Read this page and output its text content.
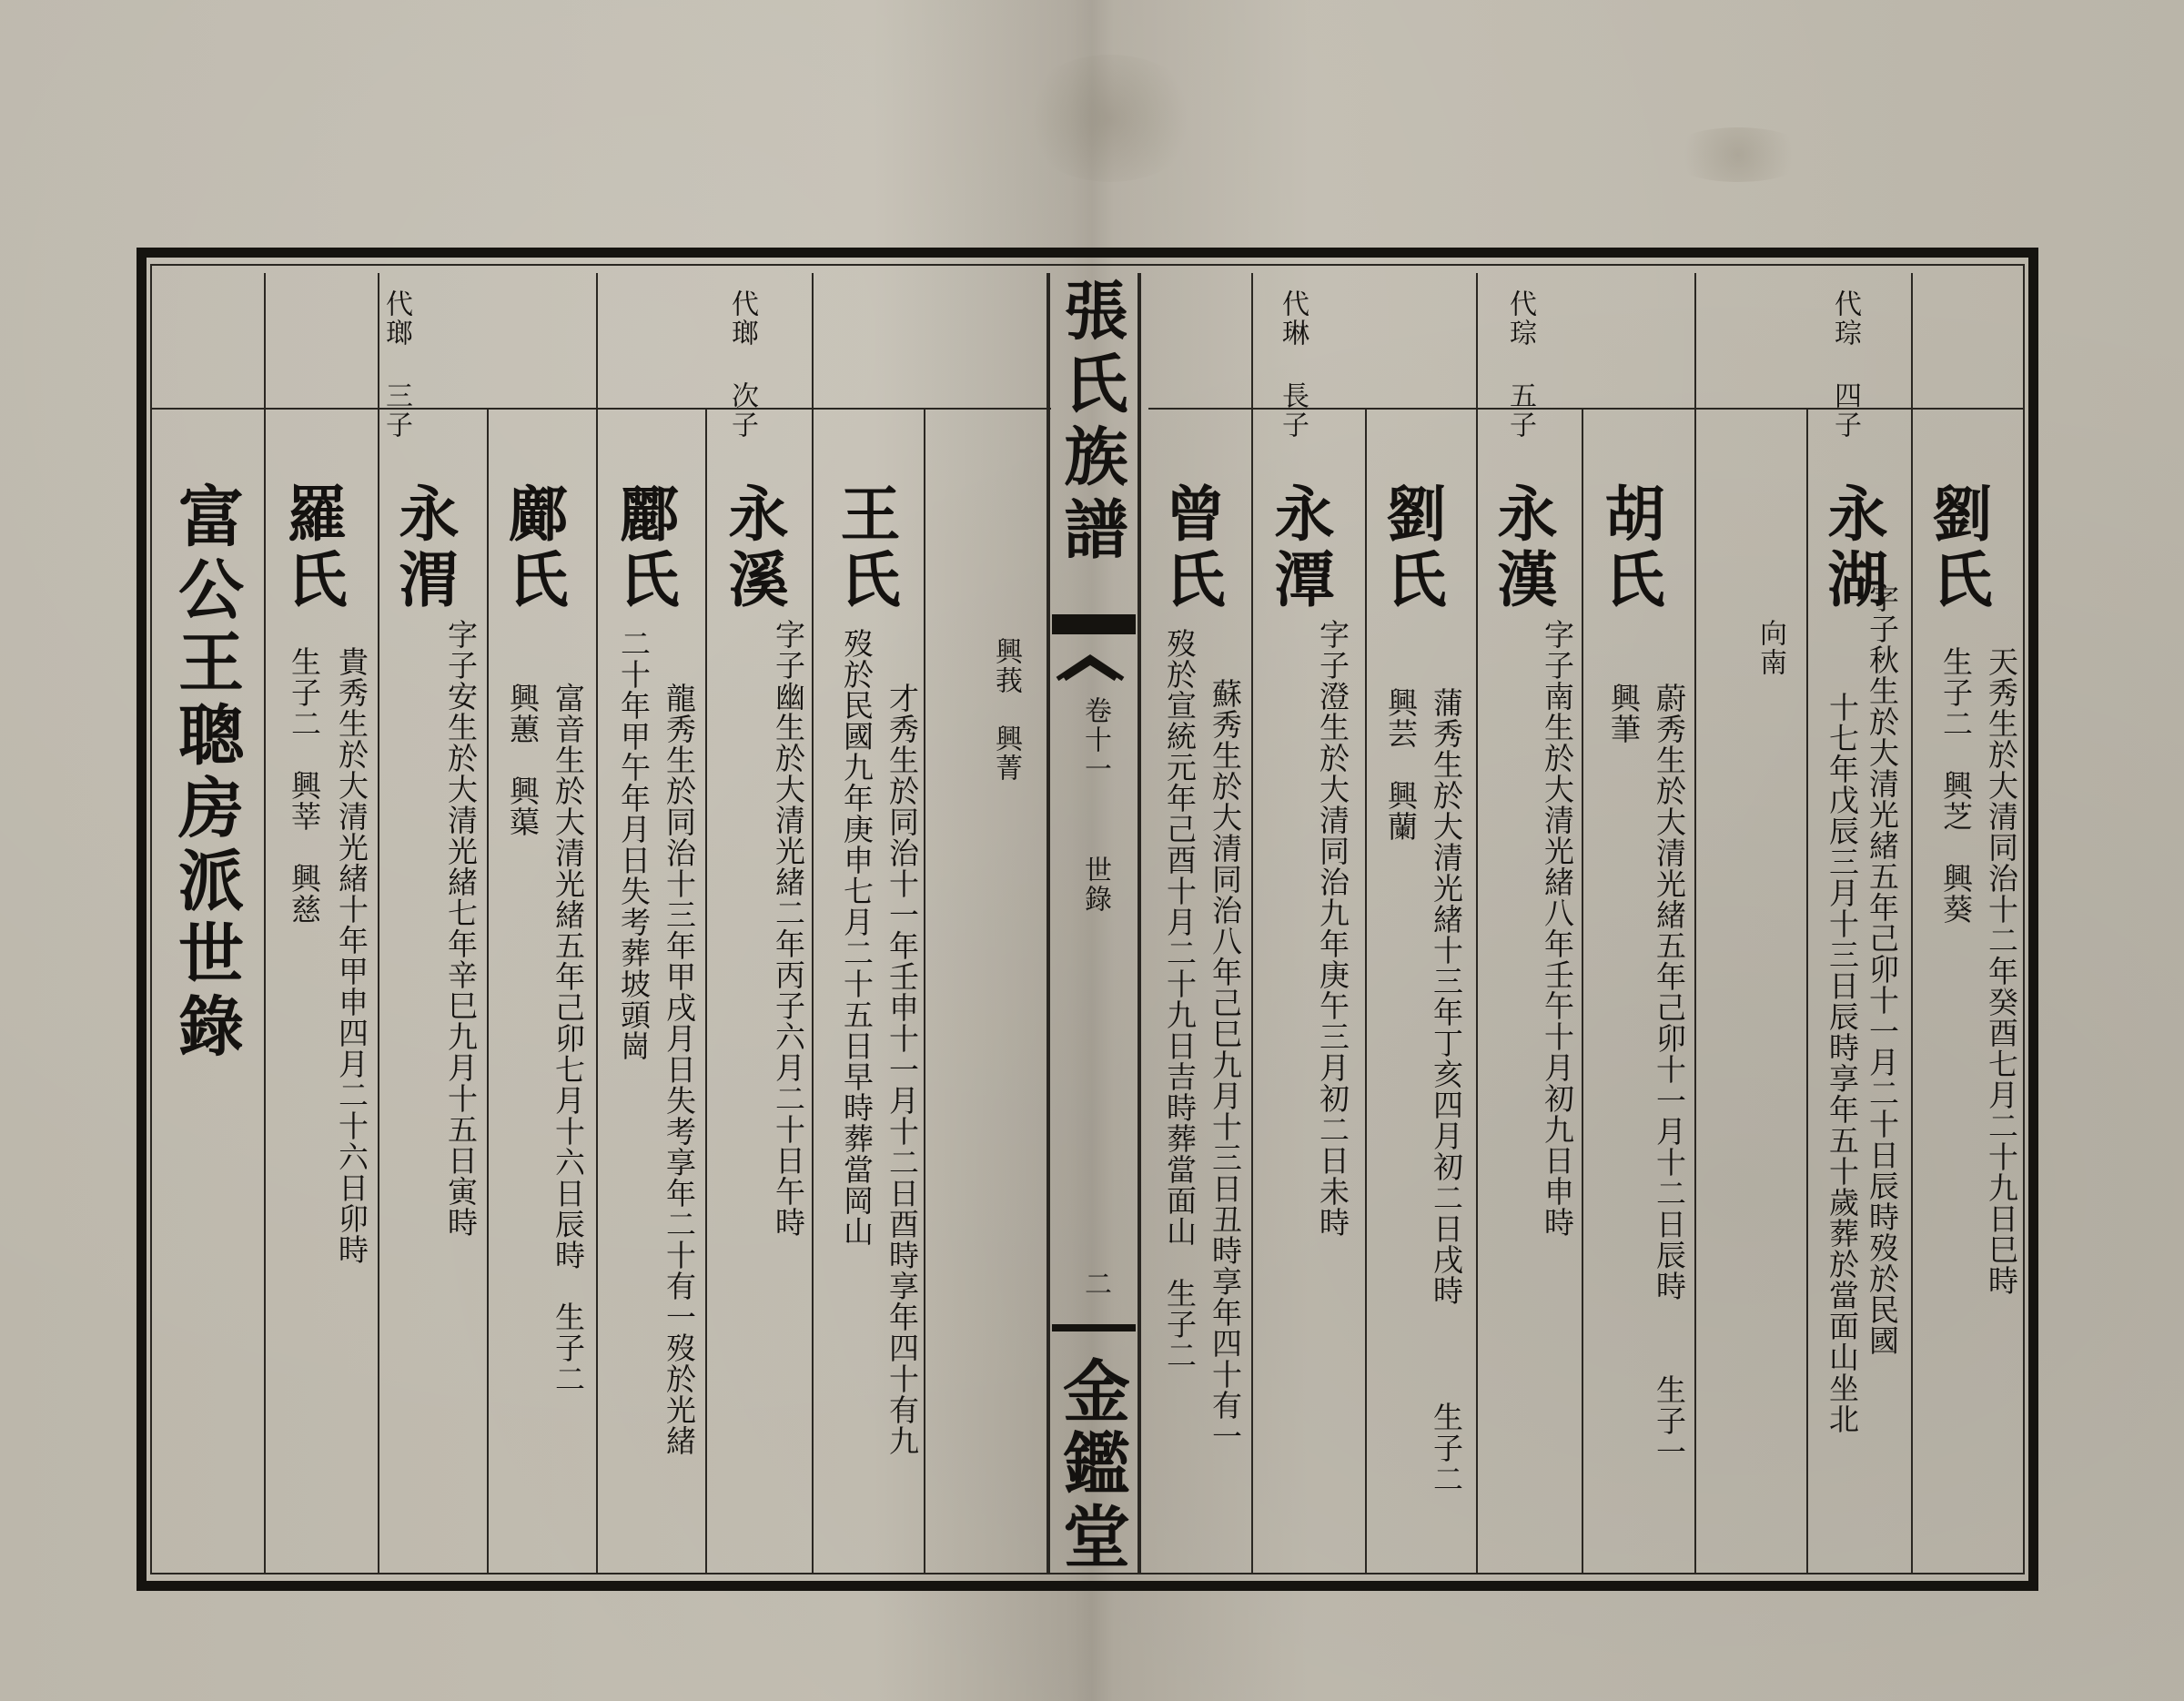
代琮 四子
代琮 五子
代琳 長子
代瑯 次子
代瑯 三子	張氏族譜
卷十一
世錄
二
金鑑堂
劉氏
天秀生於大清同治十二年癸酉七月二十九日巳時
生子二　興芝　興葵
永湖
字子秋生於大清光緒五年己卯十一月二十日辰時歿於民國
十七年戊辰三月十三日辰時享年五十歲葬於當面山坐北
向南
胡氏
蔚秀生於大清光緒五年己卯十一月十二日辰時
興茟
生子一
永漢
字子南生於大清光緒八年壬午十月初九日申時
劉氏
蒲秀生於大清光緒十三年丁亥四月初二日戌時
興芸　興蘭
生子二
永潭
字子澄生於大清同治九年庚午三月初二日未時
曾氏
蘇秀生於大清同治八年己巳九月十三日丑時享年四十有一
歿於宣統元年己酉十月二十九日吉時葬當面山　生子二
興莪　興菁
王氏
才秀生於同治十一年壬申十一月十二日酉時享年四十有九
歿於民國九年庚申七月二十五日早時葬當岡山
永溪
字子幽生於大清光緒二年丙子六月二十日午時
酈氏
龍秀生於同治十三年甲戌月日失考享年二十有一歿於光緒
二十年甲午年月日失考葬坡頭崗
鄺氏
富音生於大清光緒五年己卯七月十六日辰時　生子二
興蕙　興蕖
永渭
字子安生於大清光緒七年辛巳九月十五日寅時
羅氏
貴秀生於大清光緒十年甲申四月二十六日卯時
生子二　興莘　興慈
富公王聰房派世錄
